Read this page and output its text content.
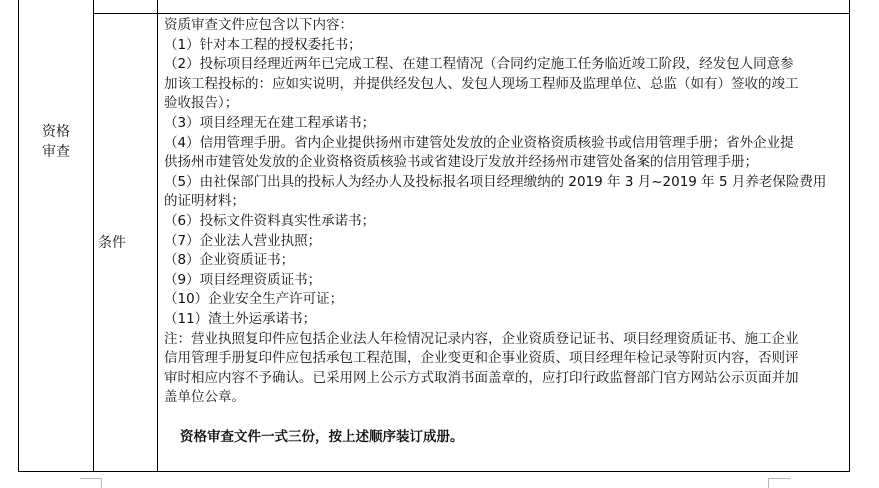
资格审查
条件

资质审查文件应包含以下内容：

（1）针对本工程的授权委托书；

（2）投标项目经理近两年已完成工程、在建工程情况（合同约定施工任务临近竣工阶段，经发包人同意参

加该工程投标的：应如实说明，并提供经发包人、发包人现场工程师及监理单位、总监（如有）签收的竣工

验收报告）；

（3）项目经理无在建工程承诺书；

（4）信用管理手册。省内企业提供扬州市建管处发放的企业资格资质核验书或信用管理手册；省外企业提

供扬州市建管处发放的企业资格资质核验书或省建设厅发放并经扬州市建管处备案的信用管理手册；

（5）由社保部门出具的投标人为经办人及投标报名项目经理缴纳的 2019 年 3 月~2019 年 5 月养老保险费用

的证明材料；

（6）投标文件资料真实性承诺书；

（7）企业法人营业执照；

（8）企业资质证书；

（9）项目经理资质证书；

（10）企业安全生产许可证；

（11）渣土外运承诺书；

注：营业执照复印件应包括企业法人年检情况记录内容，企业资质登记证书、项目经理资质证书、施工企业

信用管理手册复印件应包括承包工程范围，企业变更和企事业资质、项目经理年检记录等附页内容，否则评

审时相应内容不予确认。已采用网上公示方式取消书面盖章的，应打印行政监督部门官方网站公示页面并加

盖单位公章。

资格审查文件一式三份，按上述顺序装订成册。
